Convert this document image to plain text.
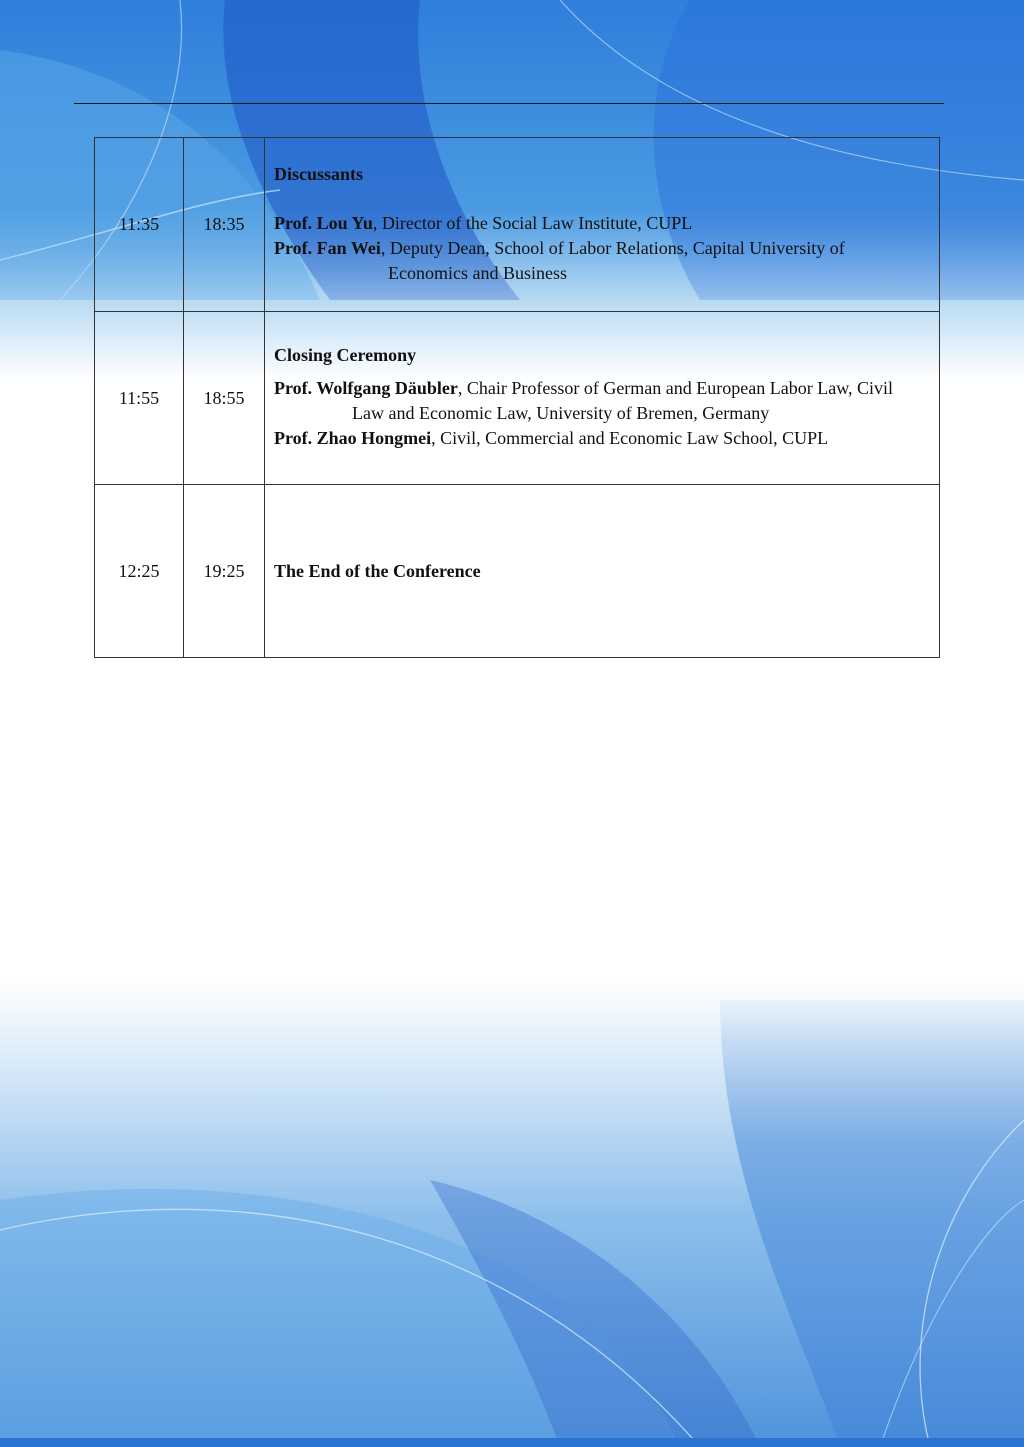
11:35	18:35	Discussants
Prof. Lou Yu, Director of the Social Law Institute, CUPL
Prof. Fan Wei, Deputy Dean, School of Labor Relations, Capital University of
Economics and Business

11:55	18:55	Closing Ceremony
Prof. Wolfgang Däubler, Chair Professor of German and European Labor Law, Civil
Law and Economic Law, University of Bremen, Germany
Prof. Zhao Hongmei, Civil, Commercial and Economic Law School, CUPL

12:25	19:25	The End of the Conference
